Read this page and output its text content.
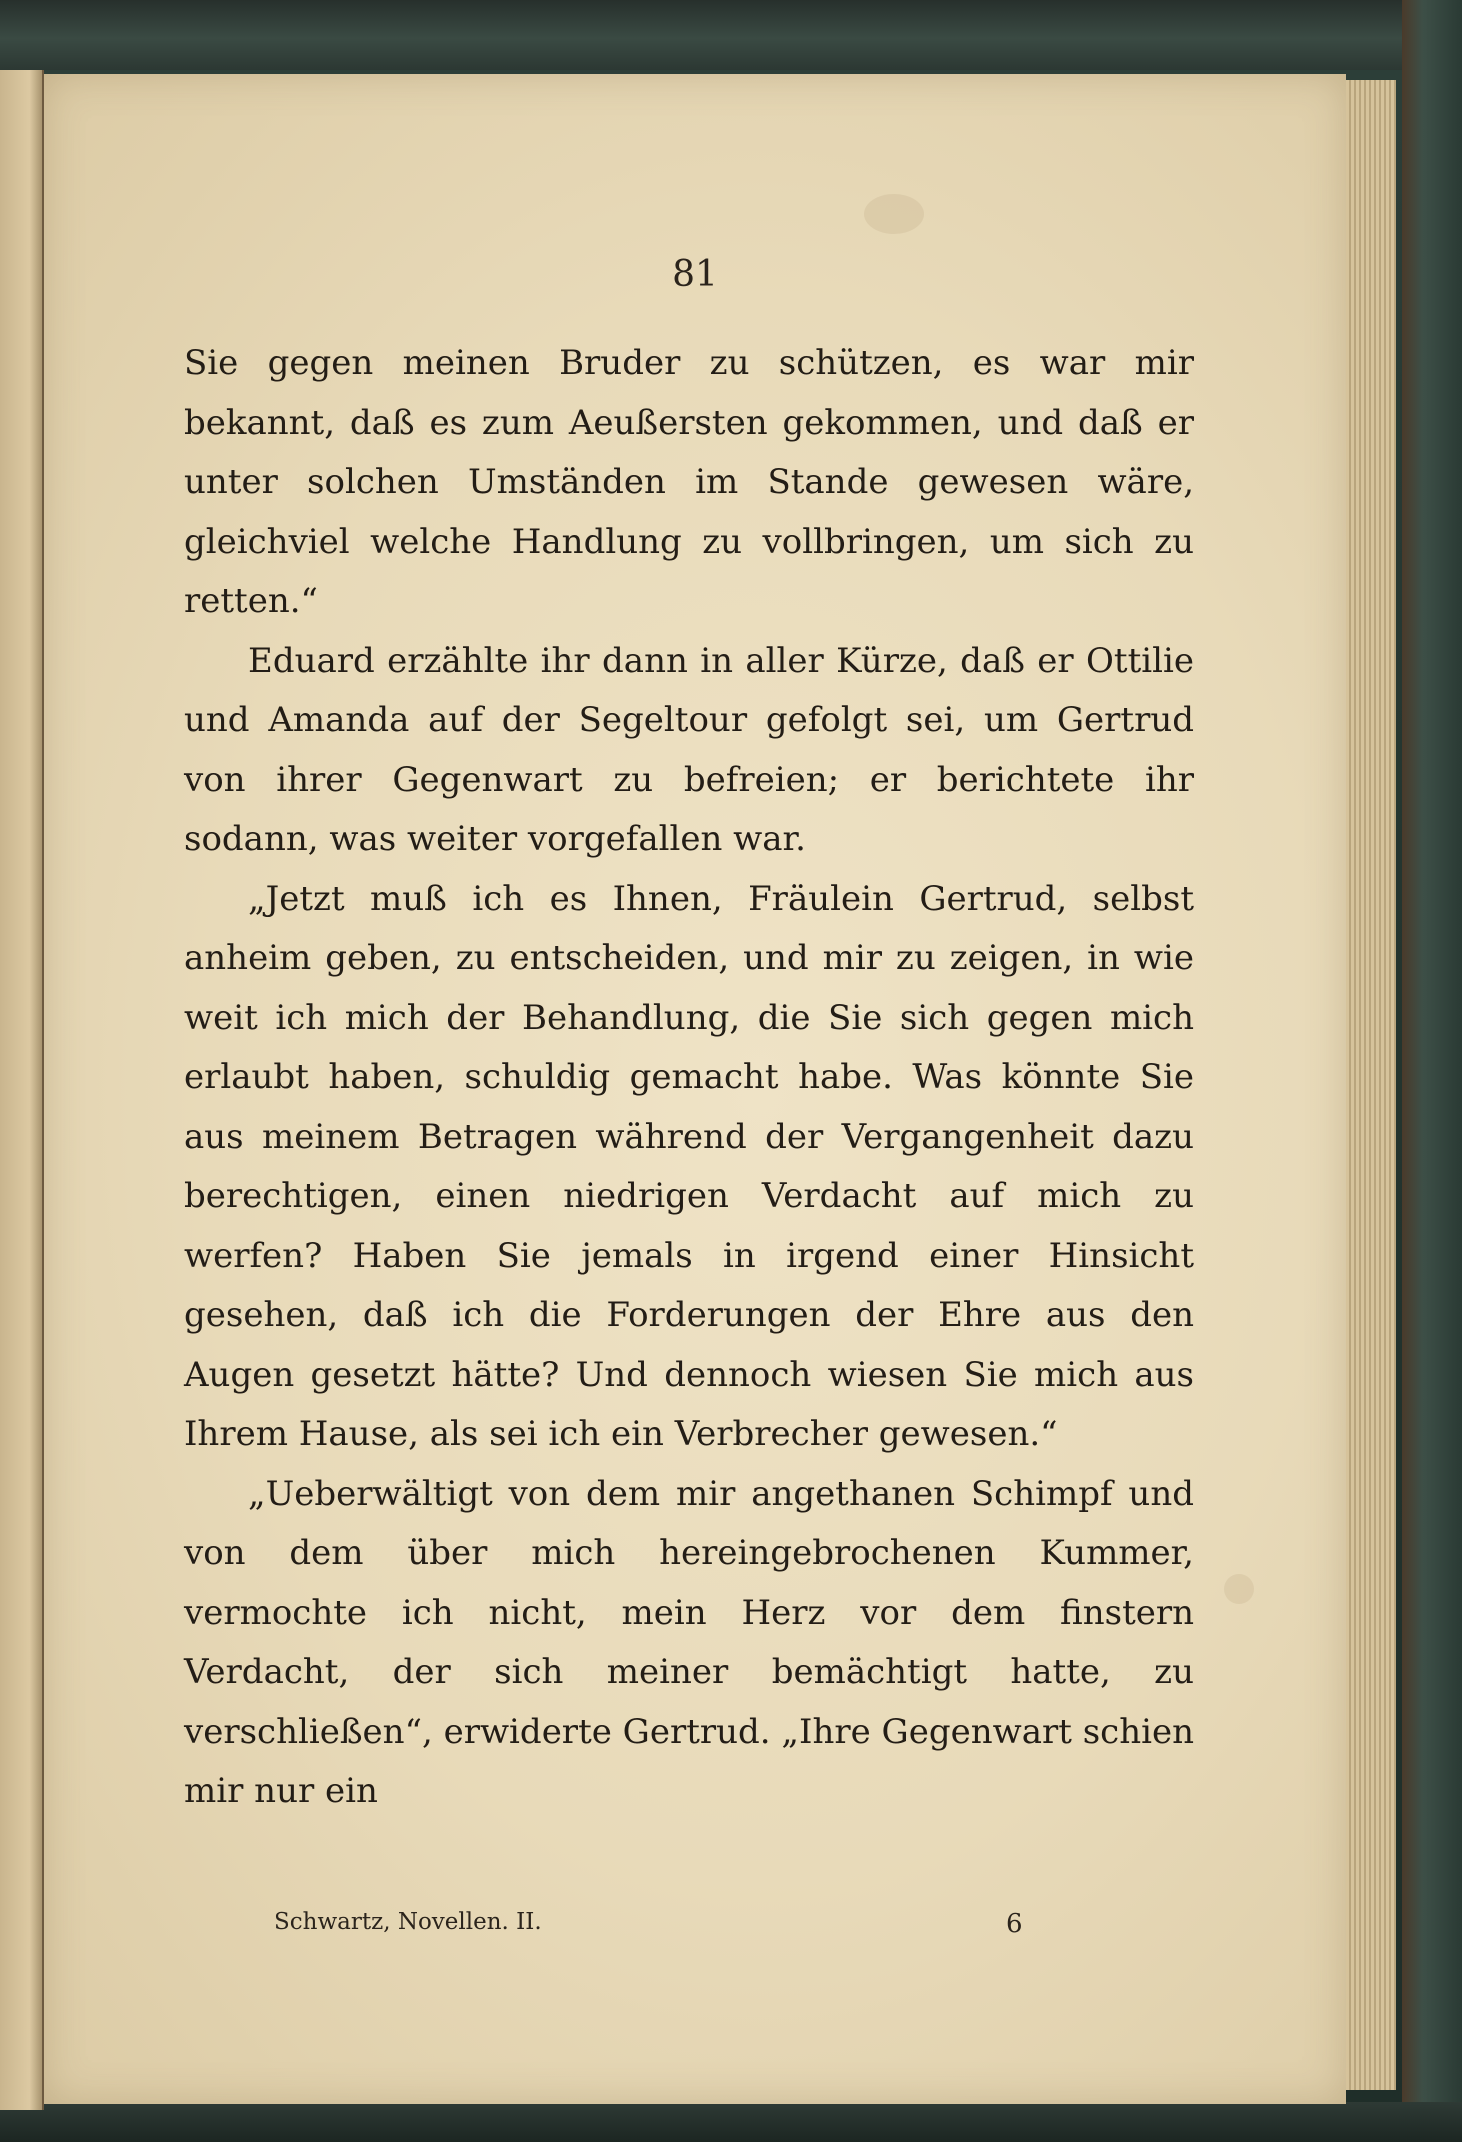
81

Sie gegen meinen Bruder zu schützen, es war mir bekannt, daß es zum Aeußersten gekommen, und daß er unter solchen Umständen im Stande gewesen wäre, gleichviel welche Handlung zu vollbringen, um sich zu retten.“

Eduard erzählte ihr dann in aller Kürze, daß er Ottilie und Amanda auf der Segeltour gefolgt sei, um Gertrud von ihrer Gegenwart zu befreien; er berichtete ihr sodann, was weiter vorgefallen war.

„Jetzt muß ich es Ihnen, Fräulein Gertrud, selbst anheim geben, zu entscheiden, und mir zu zeigen, in wie weit ich mich der Behandlung, die Sie sich gegen mich erlaubt haben, schuldig gemacht habe. Was könnte Sie aus meinem Betragen während der Vergangenheit dazu berechtigen, einen niedrigen Verdacht auf mich zu werfen? Haben Sie jemals in irgend einer Hinsicht gesehen, daß ich die Forderungen der Ehre aus den Augen gesetzt hätte? Und dennoch wiesen Sie mich aus Ihrem Hause, als sei ich ein Verbrecher gewesen.“

„Ueberwältigt von dem mir angethanen Schimpf und von dem über mich hereingebrochenen Kummer, vermochte ich nicht, mein Herz vor dem finstern Verdacht, der sich meiner bemächtigt hatte, zu verschließen“, erwiderte Gertrud. „Ihre Gegenwart schien mir nur ein

Schwartz, Novellen. II.	6
